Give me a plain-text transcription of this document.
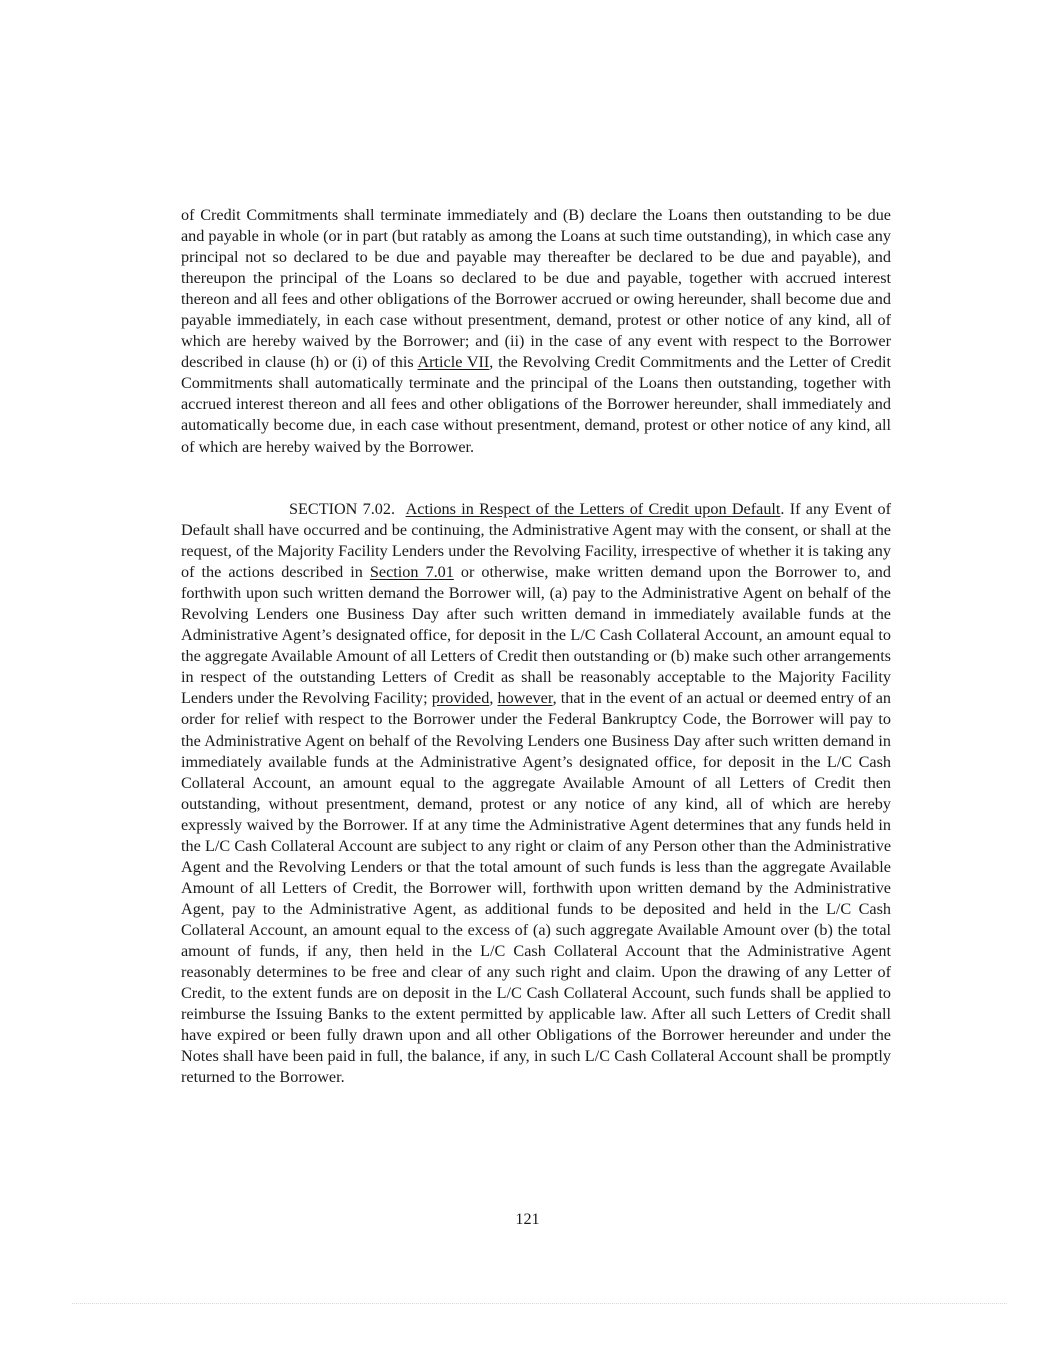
of Credit Commitments shall terminate immediately and (B) declare the Loans then outstanding to be due and payable in whole (or in part (but ratably as among the Loans at such time outstanding), in which case any principal not so declared to be due and payable may thereafter be declared to be due and payable), and thereupon the principal of the Loans so declared to be due and payable, together with accrued interest thereon and all fees and other obligations of the Borrower accrued or owing hereunder, shall become due and payable immediately, in each case without presentment, demand, protest or other notice of any kind, all of which are hereby waived by the Borrower; and (ii) in the case of any event with respect to the Borrower described in clause (h) or (i) of this Article VII, the Revolving Credit Commitments and the Letter of Credit Commitments shall automatically terminate and the principal of the Loans then outstanding, together with accrued interest thereon and all fees and other obligations of the Borrower hereunder, shall immediately and automatically become due, in each case without presentment, demand, protest or other notice of any kind, all of which are hereby waived by the Borrower.

SECTION 7.02. Actions in Respect of the Letters of Credit upon Default. If any Event of Default shall have occurred and be continuing, the Administrative Agent may with the consent, or shall at the request, of the Majority Facility Lenders under the Revolving Facility, irrespective of whether it is taking any of the actions described in Section 7.01 or otherwise, make written demand upon the Borrower to, and forthwith upon such written demand the Borrower will, (a) pay to the Administrative Agent on behalf of the Revolving Lenders one Business Day after such written demand in immediately available funds at the Administrative Agent’s designated office, for deposit in the L/C Cash Collateral Account, an amount equal to the aggregate Available Amount of all Letters of Credit then outstanding or (b) make such other arrangements in respect of the outstanding Letters of Credit as shall be reasonably acceptable to the Majority Facility Lenders under the Revolving Facility; provided, however, that in the event of an actual or deemed entry of an order for relief with respect to the Borrower under the Federal Bankruptcy Code, the Borrower will pay to the Administrative Agent on behalf of the Revolving Lenders one Business Day after such written demand in immediately available funds at the Administrative Agent’s designated office, for deposit in the L/C Cash Collateral Account, an amount equal to the aggregate Available Amount of all Letters of Credit then outstanding, without presentment, demand, protest or any notice of any kind, all of which are hereby expressly waived by the Borrower. If at any time the Administrative Agent determines that any funds held in the L/C Cash Collateral Account are subject to any right or claim of any Person other than the Administrative Agent and the Revolving Lenders or that the total amount of such funds is less than the aggregate Available Amount of all Letters of Credit, the Borrower will, forthwith upon written demand by the Administrative Agent, pay to the Administrative Agent, as additional funds to be deposited and held in the L/C Cash Collateral Account, an amount equal to the excess of (a) such aggregate Available Amount over (b) the total amount of funds, if any, then held in the L/C Cash Collateral Account that the Administrative Agent reasonably determines to be free and clear of any such right and claim. Upon the drawing of any Letter of Credit, to the extent funds are on deposit in the L/C Cash Collateral Account, such funds shall be applied to reimburse the Issuing Banks to the extent permitted by applicable law. After all such Letters of Credit shall have expired or been fully drawn upon and all other Obligations of the Borrower hereunder and under the Notes shall have been paid in full, the balance, if any, in such L/C Cash Collateral Account shall be promptly returned to the Borrower.

121
